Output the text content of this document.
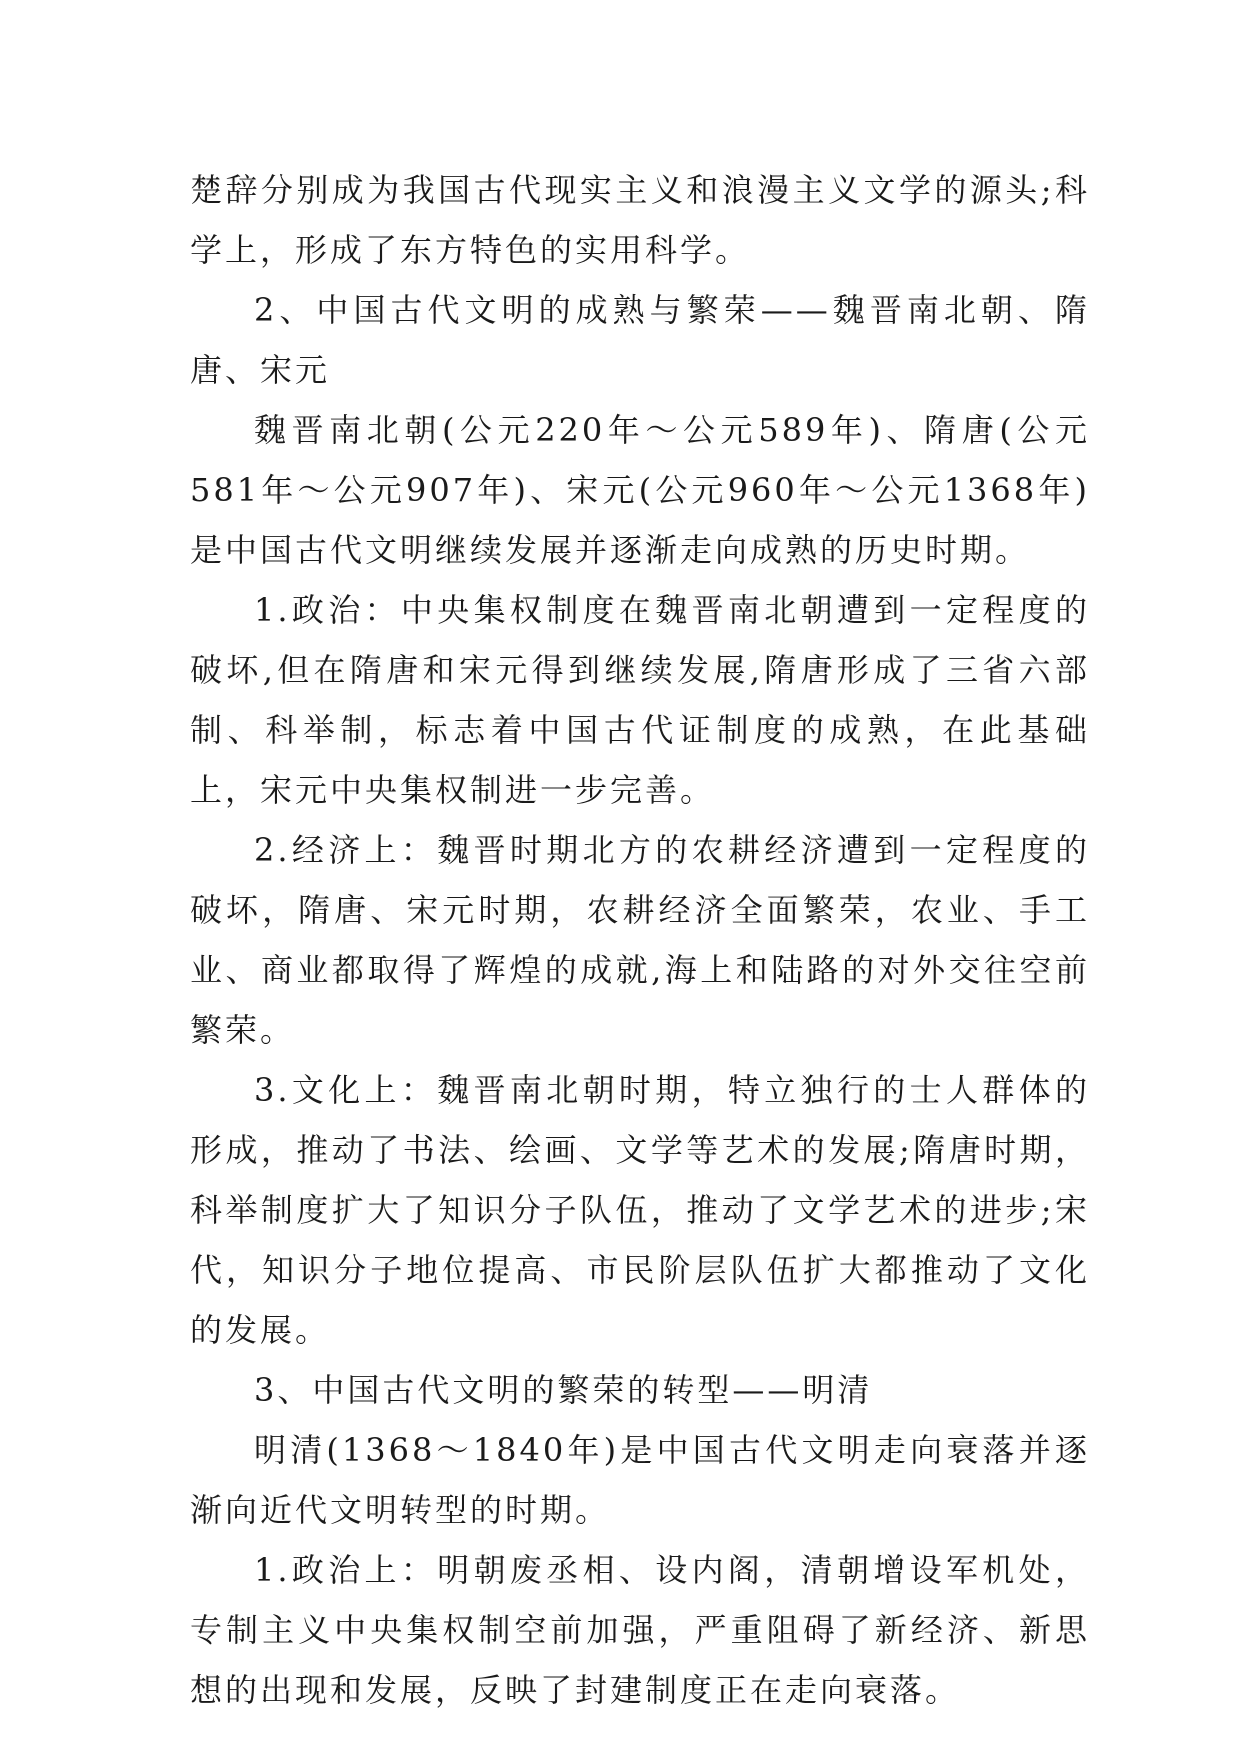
楚辞分别成为我国古代现实主义和浪漫主义文学的源头;科学上，形成了东方特色的实用科学。

2、中国古代文明的成熟与繁荣——魏晋南北朝、隋唐、宋元

魏晋南北朝(公元220年～公元589年)、隋唐(公元581年～公元907年)、宋元(公元960年～公元1368年)是中国古代文明继续发展并逐渐走向成熟的历史时期。

1.政治：中央集权制度在魏晋南北朝遭到一定程度的破坏,但在隋唐和宋元得到继续发展,隋唐形成了三省六部制、科举制，标志着中国古代证制度的成熟，在此基础上，宋元中央集权制进一步完善。

2.经济上：魏晋时期北方的农耕经济遭到一定程度的破坏，隋唐、宋元时期，农耕经济全面繁荣，农业、手工业、商业都取得了辉煌的成就,海上和陆路的对外交往空前繁荣。

3.文化上：魏晋南北朝时期，特立独行的士人群体的形成，推动了书法、绘画、文学等艺术的发展;隋唐时期，科举制度扩大了知识分子队伍，推动了文学艺术的进步;宋代，知识分子地位提高、市民阶层队伍扩大都推动了文化的发展。

3、中国古代文明的繁荣的转型——明清

明清(1368～1840年)是中国古代文明走向衰落并逐渐向近代文明转型的时期。

1.政治上：明朝废丞相、设内阁，清朝增设军机处，专制主义中央集权制空前加强，严重阻碍了新经济、新思想的出现和发展，反映了封建制度正在走向衰落。
